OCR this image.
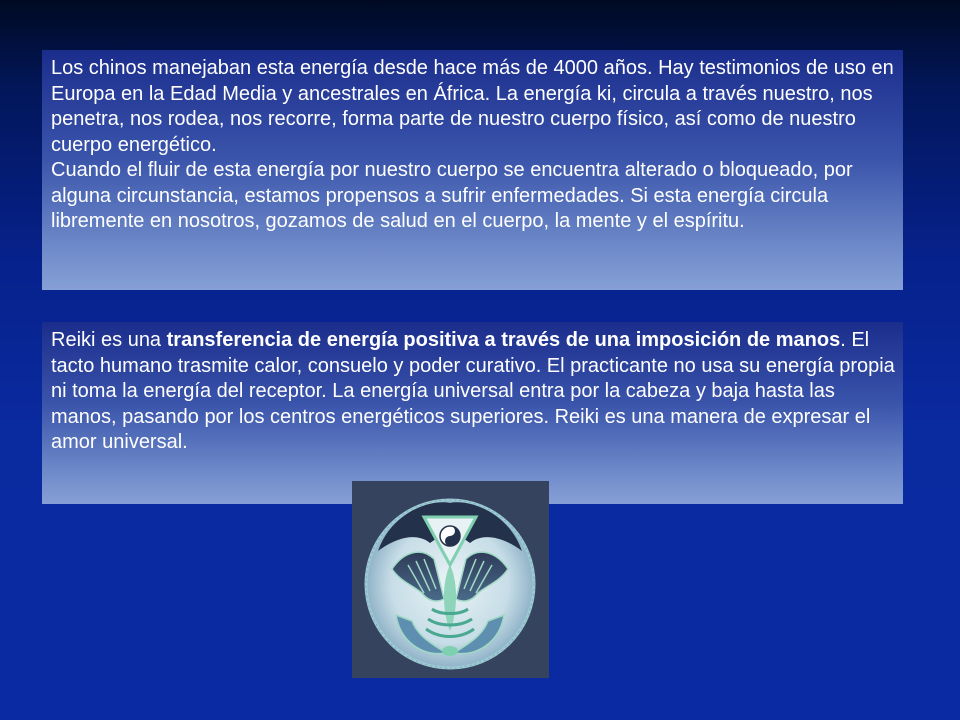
Los chinos manejaban esta energía desde hace más de 4000 años. Hay testimonios de uso en Europa en la Edad Media y ancestrales en África. La energía ki, circula a través nuestro, nos penetra, nos rodea, nos recorre, forma parte de nuestro cuerpo físico, así como de nuestro cuerpo energético.
Cuando el fluir de esta energía por nuestro cuerpo se encuentra alterado o bloqueado, por alguna circunstancia, estamos propensos a sufrir enfermedades. Si esta energía circula libremente en nosotros, gozamos de salud en el cuerpo, la mente y el espíritu.

Reiki es una transferencia de energía positiva a través de una imposición de manos. El tacto humano trasmite calor, consuelo y poder curativo. El practicante no usa su energía propia ni toma la energía del receptor. La energía universal entra por la cabeza y baja hasta las manos, pasando por los centros energéticos superiores. Reiki es una manera de expresar el amor universal.
